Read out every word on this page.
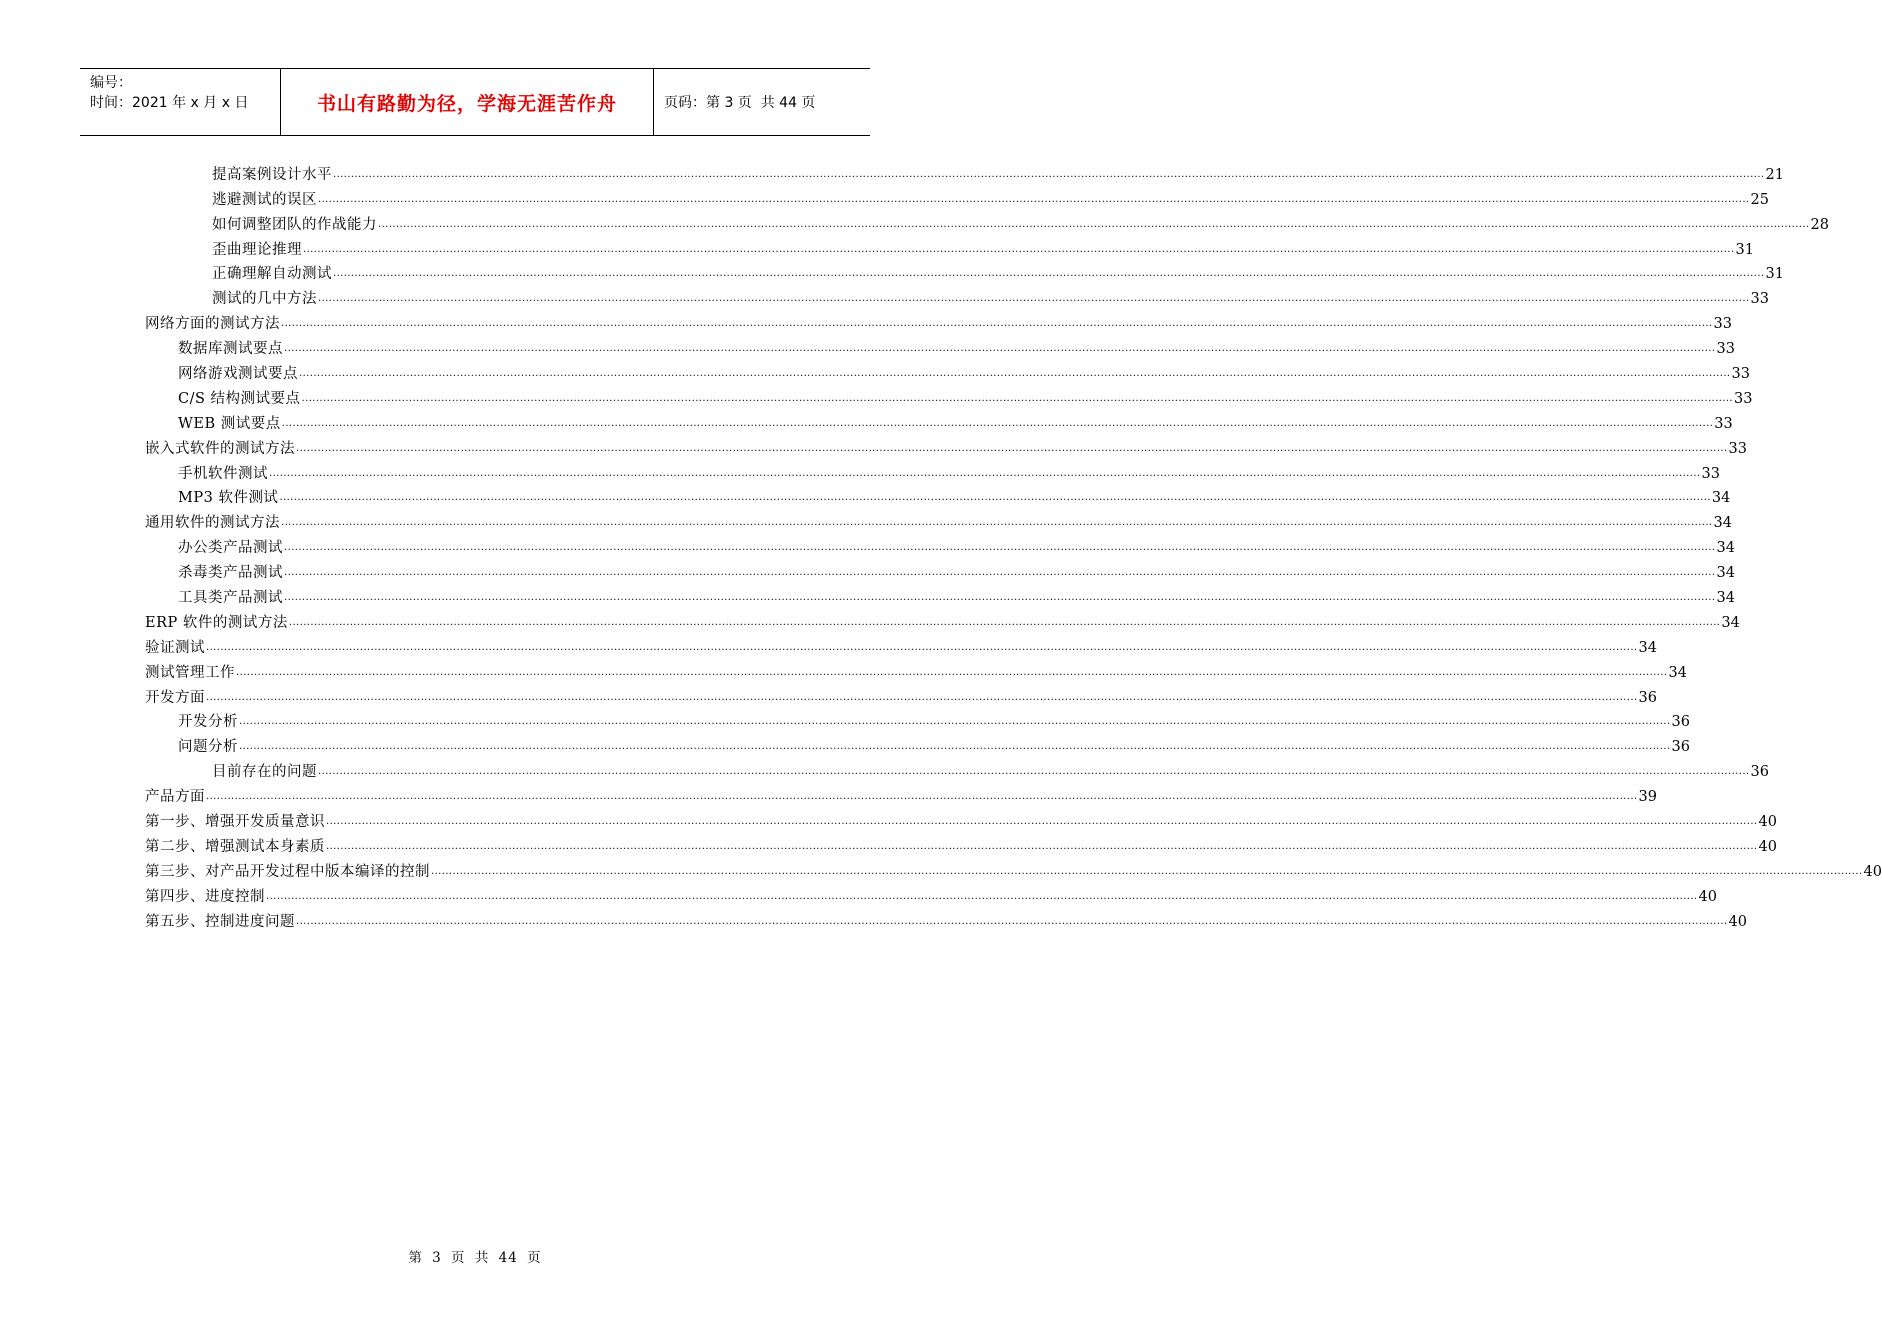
编号：
时间：2021 年 x 月 x 日	书山有路勤为径，学海无涯苦作舟	页码：第 3 页  共 44 页
提高案例设计水平 ................................................................................................................................................................................................................................................................................................................................................................................................................ 21
逃避测试的误区 ................................................................................................................................................................................................................................................................................................................................................................................................................ 25
如何调整团队的作战能力 ................................................................................................................................................................................................................................................................................................................................................................................................................ 28
歪曲理论推理 ................................................................................................................................................................................................................................................................................................................................................................................................................ 31
正确理解自动测试 ................................................................................................................................................................................................................................................................................................................................................................................................................ 31
测试的几中方法 ................................................................................................................................................................................................................................................................................................................................................................................................................ 33
网络方面的测试方法 ................................................................................................................................................................................................................................................................................................................................................................................................................ 33
数据库测试要点 ................................................................................................................................................................................................................................................................................................................................................................................................................ 33
网络游戏测试要点 ................................................................................................................................................................................................................................................................................................................................................................................................................ 33
C/S 结构测试要点 ................................................................................................................................................................................................................................................................................................................................................................................................................ 33
WEB 测试要点 ................................................................................................................................................................................................................................................................................................................................................................................................................ 33
嵌入式软件的测试方法 ................................................................................................................................................................................................................................................................................................................................................................................................................ 33
手机软件测试 ................................................................................................................................................................................................................................................................................................................................................................................................................ 33
MP3 软件测试 ................................................................................................................................................................................................................................................................................................................................................................................................................ 34
通用软件的测试方法 ................................................................................................................................................................................................................................................................................................................................................................................................................ 34
办公类产品测试 ................................................................................................................................................................................................................................................................................................................................................................................................................ 34
杀毒类产品测试 ................................................................................................................................................................................................................................................................................................................................................................................................................ 34
工具类产品测试 ................................................................................................................................................................................................................................................................................................................................................................................................................ 34
ERP 软件的测试方法 ................................................................................................................................................................................................................................................................................................................................................................................................................ 34
验证测试 ................................................................................................................................................................................................................................................................................................................................................................................................................ 34
测试管理工作 ................................................................................................................................................................................................................................................................................................................................................................................................................ 34
开发方面 ................................................................................................................................................................................................................................................................................................................................................................................................................ 36
开发分析 ................................................................................................................................................................................................................................................................................................................................................................................................................ 36
问题分析 ................................................................................................................................................................................................................................................................................................................................................................................................................ 36
目前存在的问题 ................................................................................................................................................................................................................................................................................................................................................................................................................ 36
产品方面 ................................................................................................................................................................................................................................................................................................................................................................................................................ 39
第一步、增强开发质量意识 ................................................................................................................................................................................................................................................................................................................................................................................................................ 40
第二步、增强测试本身素质 ................................................................................................................................................................................................................................................................................................................................................................................................................ 40
第三步、对产品开发过程中版本编译的控制 ................................................................................................................................................................................................................................................................................................................................................................................................................ 40
第四步、进度控制 ................................................................................................................................................................................................................................................................................................................................................................................................................ 40
第五步、控制进度问题 ................................................................................................................................................................................................................................................................................................................................................................................................................ 40
第 3 页 共 44 页
